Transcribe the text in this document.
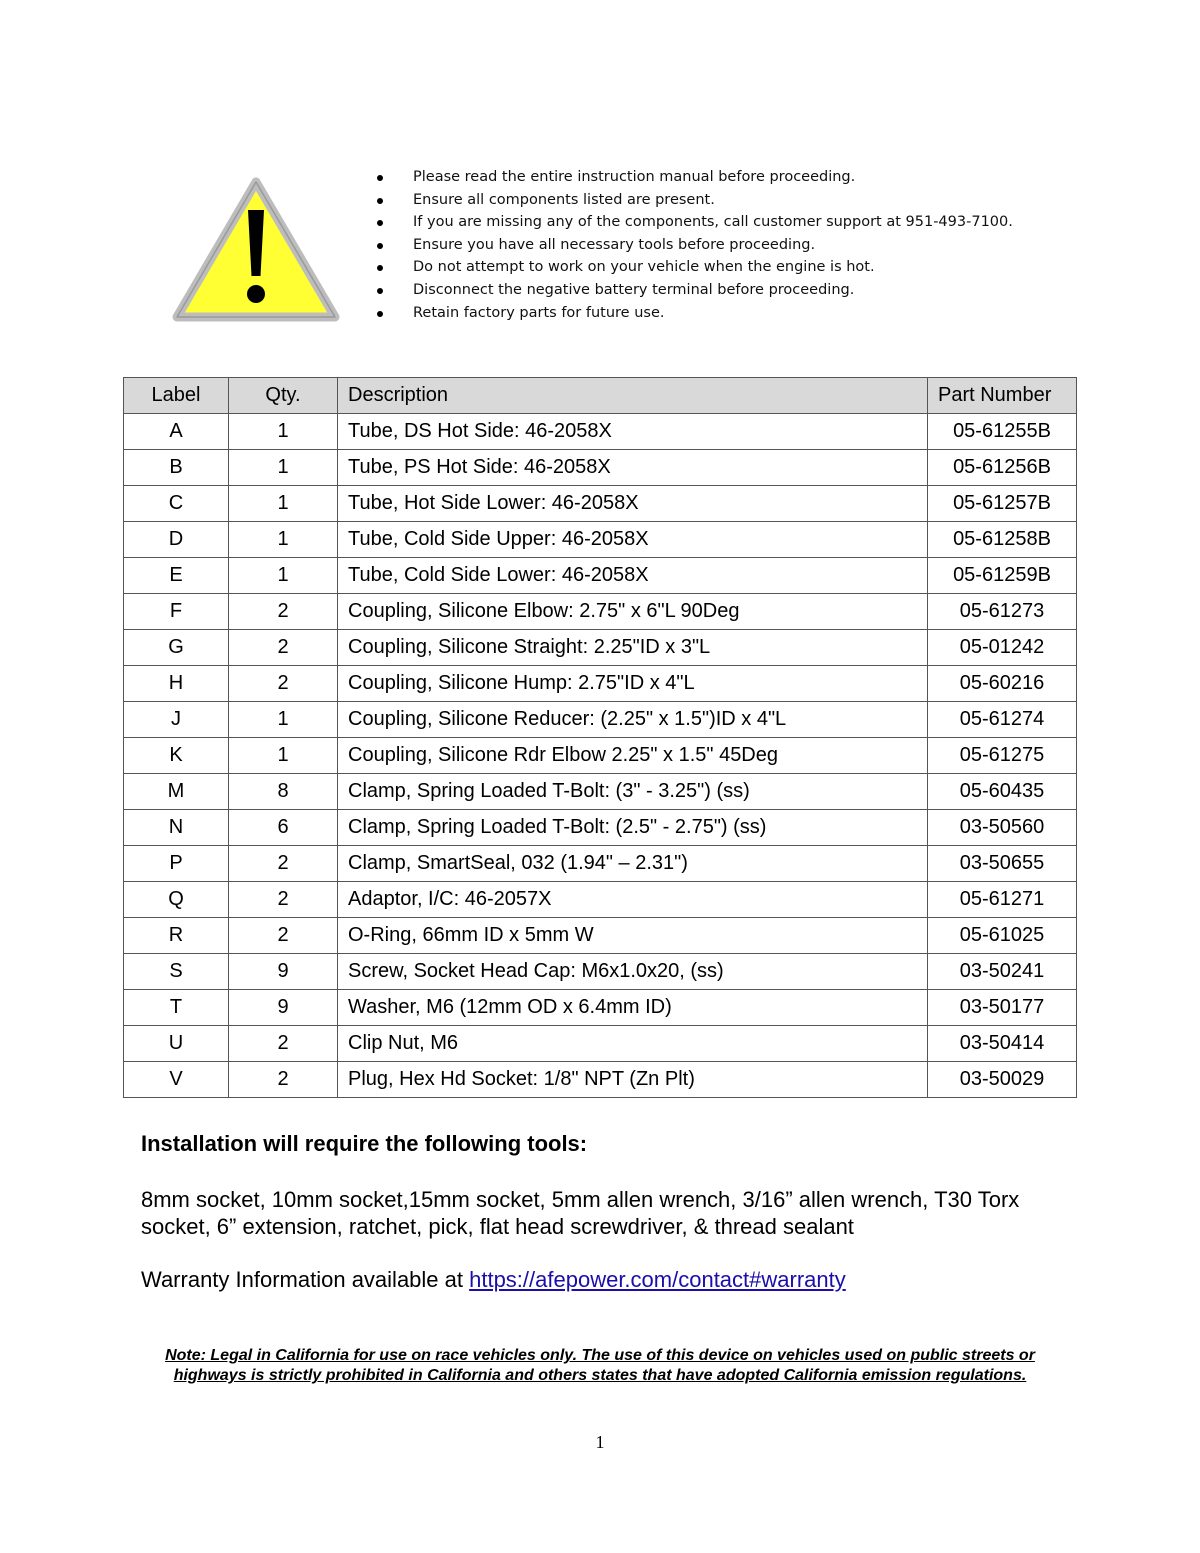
Please read the entire instruction manual before proceeding.
Ensure all components listed are present.
If you are missing any of the components, call customer support at 951-493-7100.
Ensure you have all necessary tools before proceeding.
Do not attempt to work on your vehicle when the engine is hot.
Disconnect the negative battery terminal before proceeding.
Retain factory parts for future use.
Label	Qty.	Description	Part Number
A	1	Tube, DS Hot Side: 46-2058X	05-61255B
B	1	Tube, PS Hot Side: 46-2058X	05-61256B
C	1	Tube, Hot Side Lower: 46-2058X	05-61257B
D	1	Tube, Cold Side Upper: 46-2058X	05-61258B
E	1	Tube, Cold Side Lower: 46-2058X	05-61259B
F	2	Coupling, Silicone Elbow: 2.75" x 6"L 90Deg	05-61273
G	2	Coupling, Silicone Straight: 2.25"ID x 3"L	05-01242
H	2	Coupling, Silicone Hump: 2.75"ID x 4"L	05-60216
J	1	Coupling, Silicone Reducer: (2.25" x 1.5")ID x 4"L	05-61274
K	1	Coupling, Silicone Rdr Elbow 2.25" x 1.5" 45Deg	05-61275
M	8	Clamp, Spring Loaded T-Bolt: (3" - 3.25") (ss)	05-60435
N	6	Clamp, Spring Loaded T-Bolt: (2.5" - 2.75") (ss)	03-50560
P	2	Clamp, SmartSeal, 032 (1.94" – 2.31")	03-50655
Q	2	Adaptor, I/C: 46-2057X	05-61271
R	2	O-Ring, 66mm ID x 5mm W	05-61025
S	9	Screw, Socket Head Cap: M6x1.0x20, (ss)	03-50241
T	9	Washer, M6 (12mm OD x 6.4mm ID)	03-50177
U	2	Clip Nut, M6	03-50414
V	2	Plug, Hex Hd Socket: 1/8" NPT (Zn Plt)	03-50029
Installation will require the following tools:

8mm socket, 10mm socket,15mm socket, 5mm allen wrench, 3/16” allen wrench, T30 Torx socket, 6” extension, ratchet, pick, flat head screwdriver, & thread sealant

Warranty Information available at https://afepower.com/contact#warranty

Note: Legal in California for use on race vehicles only. The use of this device on vehicles used on public streets or highways is strictly prohibited in California and others states that have adopted California emission regulations.

1
